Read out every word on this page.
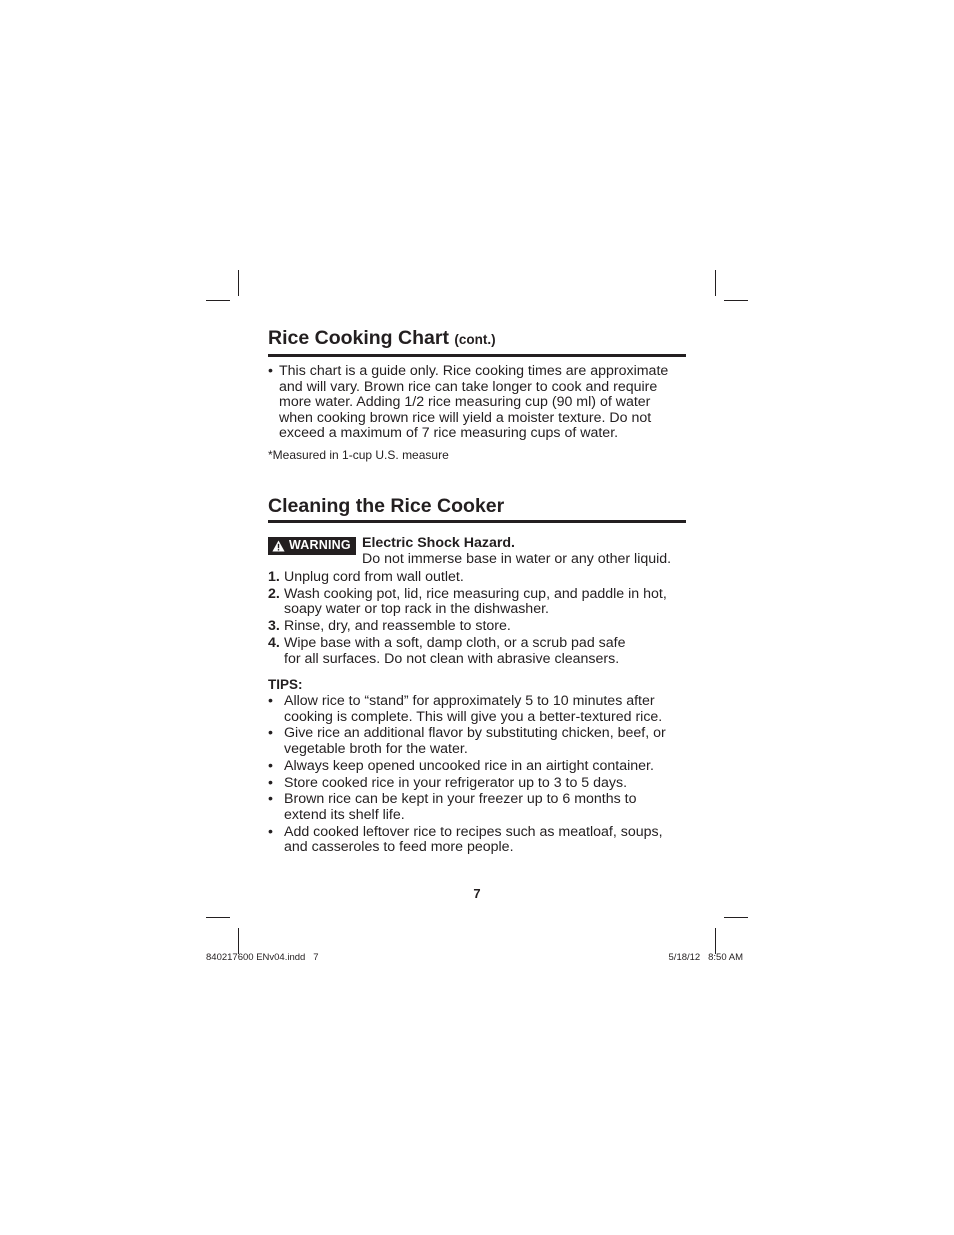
Rice Cooking Chart (cont.)
• This chart is a guide only. Rice cooking times are approximate
and will vary. Brown rice can take longer to cook and require
more water. Adding 1/2 rice measuring cup (90 ml) of water
when cooking brown rice will yield a moister texture. Do not
exceed a maximum of 7 rice measuring cups of water.
*Measured in 1-cup U.S. measure
Cleaning the Rice Cooker
WARNING Electric Shock Hazard.
Do not immerse base in water or any other liquid.
1. Unplug cord from wall outlet.
2. Wash cooking pot, lid, rice measuring cup, and paddle in hot,
soapy water or top rack in the dishwasher.
3. Rinse, dry, and reassemble to store.
4. Wipe base with a soft, damp cloth, or a scrub pad safe
for all surfaces. Do not clean with abrasive cleansers.
TIPS:
• Allow rice to “stand” for approximately 5 to 10 minutes after
cooking is complete. This will give you a better-textured rice.
• Give rice an additional flavor by substituting chicken, beef, or
vegetable broth for the water.
• Always keep opened uncooked rice in an airtight container.
• Store cooked rice in your refrigerator up to 3 to 5 days.
• Brown rice can be kept in your freezer up to 6 months to
extend its shelf life.
• Add cooked leftover rice to recipes such as meatloaf, soups,
and casseroles to feed more people.
7
840217600 ENv04.indd   7	5/18/12   8:50 AM
